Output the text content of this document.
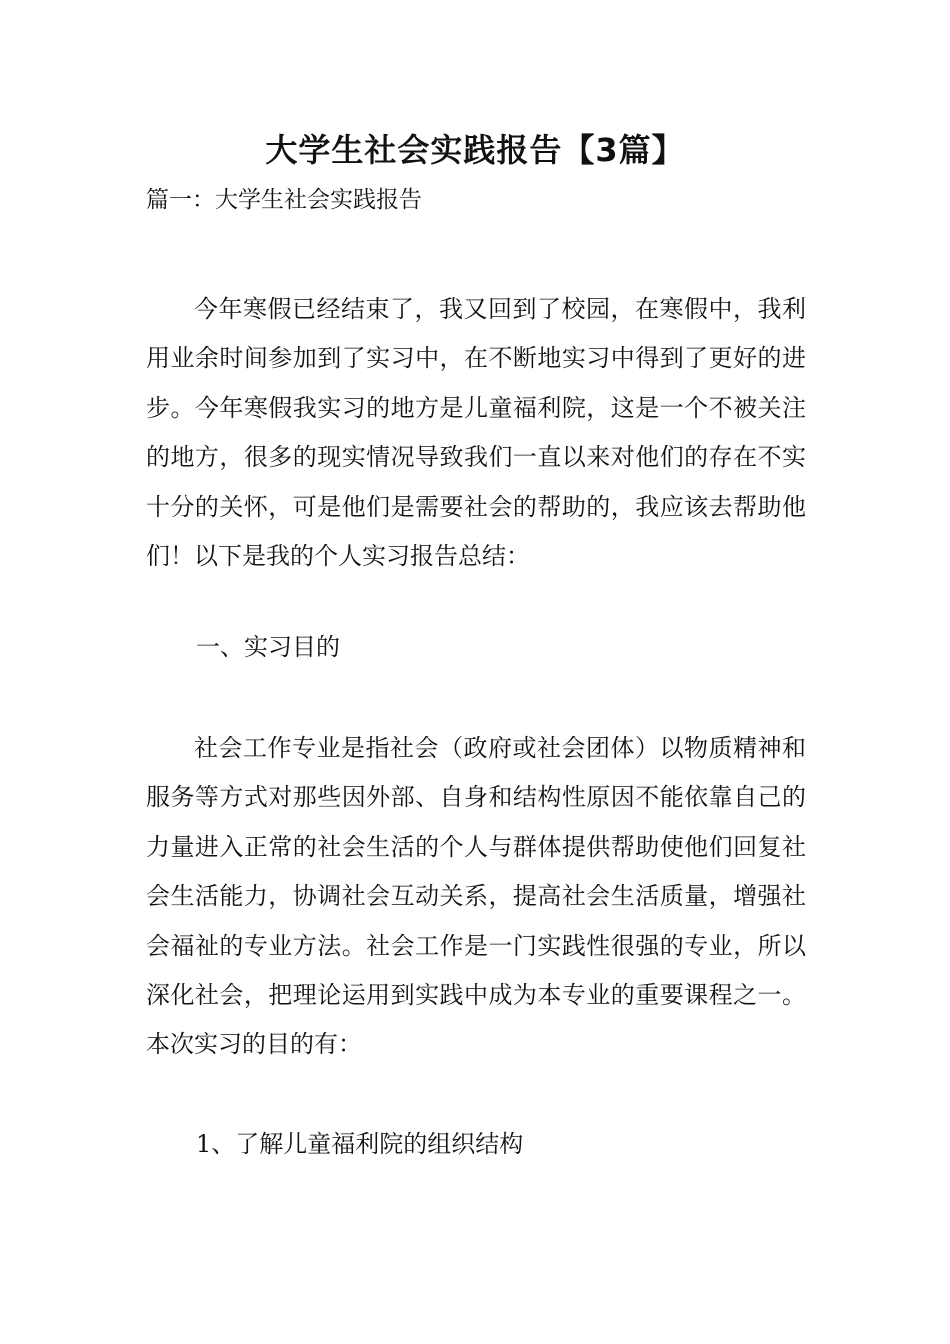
大学生社会实践报告【3篇】
篇一：大学生社会实践报告

今年寒假已经结束了，我又回到了校园，在寒假中，我利用业余时间参加到了实习中，在不断地实习中得到了更好的进步。今年寒假我实习的地方是儿童福利院，这是一个不被关注的地方，很多的现实情况导致我们一直以来对他们的存在不实十分的关怀，可是他们是需要社会的帮助的，我应该去帮助他们！以下是我的个人实习报告总结：

一、实习目的

社会工作专业是指社会（政府或社会团体）以物质精神和服务等方式对那些因外部、自身和结构性原因不能依靠自己的力量进入正常的社会生活的个人与群体提供帮助使他们回复社会生活能力，协调社会互动关系，提高社会生活质量，增强社会福祉的专业方法。社会工作是一门实践性很强的专业，所以深化社会，把理论运用到实践中成为本专业的重要课程之一。本次实习的目的有：

1、了解儿童福利院的组织结构
